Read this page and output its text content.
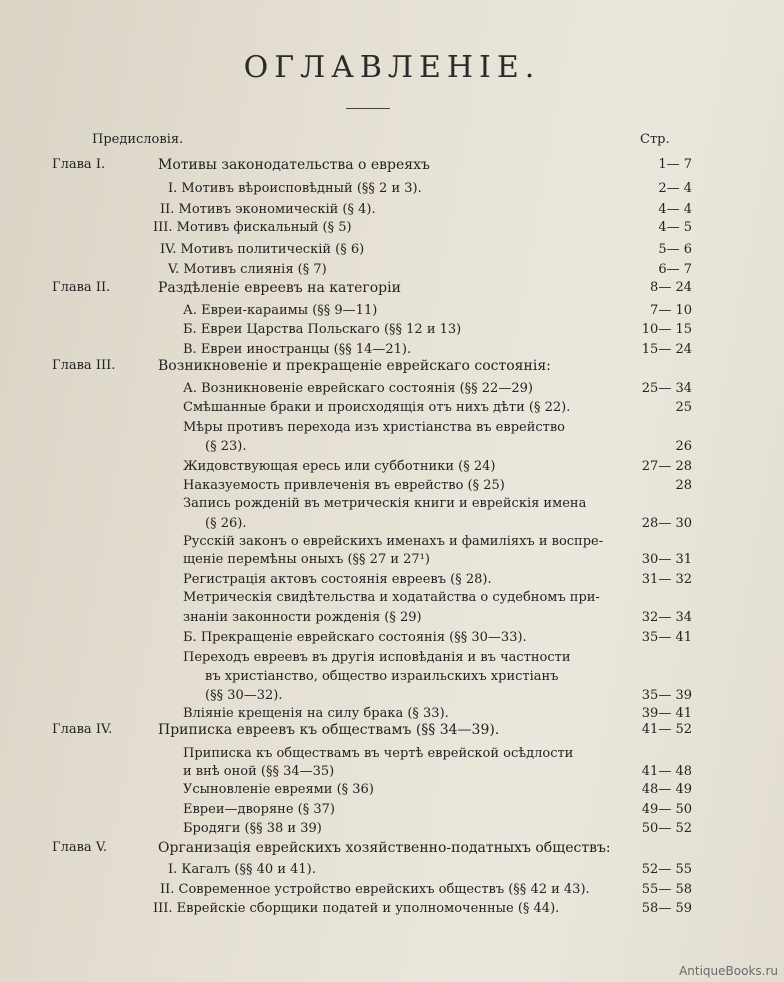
ОГЛАВЛЕНІЕ.
Предисловія.	Стр.
Глава I.	Мотивы законодательства о евреяхъ	1— 7
I. Мотивъ вѣроисповѣдный (§§ 2 и 3).	2— 4
II. Мотивъ экономическій (§ 4).	4— 4
III. Мотивъ фискальный (§ 5)	4— 5
IV. Мотивъ политическій (§ 6)	5— 6
V. Мотивъ слиянія (§ 7)	6— 7
Глава II.	Раздѣленіе евреевъ на категоріи	8— 24
А. Евреи-караимы (§§ 9—11)	7— 10
Б. Евреи Царства Польскаго (§§ 12 и 13)	10— 15
В. Евреи иностранцы (§§ 14—21).	15— 24
Глава III.	Возникновеніе и прекращеніе еврейскаго состоянія:
А. Возникновеніе еврейскаго состоянія (§§ 22—29)	25— 34
Смѣшанные браки и происходящія отъ нихъ дѣти (§ 22).	25
Мѣры противъ перехода изъ христіанства въ еврейство
(§ 23).	26
Жидовствующая ересь или субботники (§ 24)	27— 28
Наказуемость привлеченія въ еврейство (§ 25)	28
Запись рожденій въ метрическія книги и еврейскія имена
(§ 26).	28— 30
Русскій законъ о еврейскихъ именахъ и фамиліяхъ и воспре-
щеніе перемѣны оныхъ (§§ 27 и 27¹)	30— 31
Регистрація актовъ состоянія евреевъ (§ 28).	31— 32
Метрическія свидѣтельства и ходатайства о судебномъ при-
знаніи законности рожденія (§ 29)	32— 34
Б. Прекращеніе еврейскаго состоянія (§§ 30—33).	35— 41
Переходъ евреевъ въ другія исповѣданія и въ частности
въ христіанство, общество израильскихъ христіанъ
(§§ 30—32).	35— 39
Вліяніе крещенія на силу брака (§ 33).	39— 41
Глава IV.	Приписка евреевъ къ обществамъ (§§ 34—39).	41— 52
Приписка къ обществамъ въ чертѣ еврейской осѣдлости
и внѣ оной (§§ 34—35)	41— 48
Усыновленіе евреями (§ 36)	48— 49
Евреи—дворяне (§ 37)	49— 50
Бродяги (§§ 38 и 39)	50— 52
Глава V.	Организація еврейскихъ хозяйственно-податныхъ обществъ:
I. Кагалъ (§§ 40 и 41).	52— 55
II. Современное устройство еврейскихъ обществъ (§§ 42 и 43).	55— 58
III. Еврейскіе сборщики податей и уполномоченные (§ 44).	58— 59
AntiqueBooks.ru
